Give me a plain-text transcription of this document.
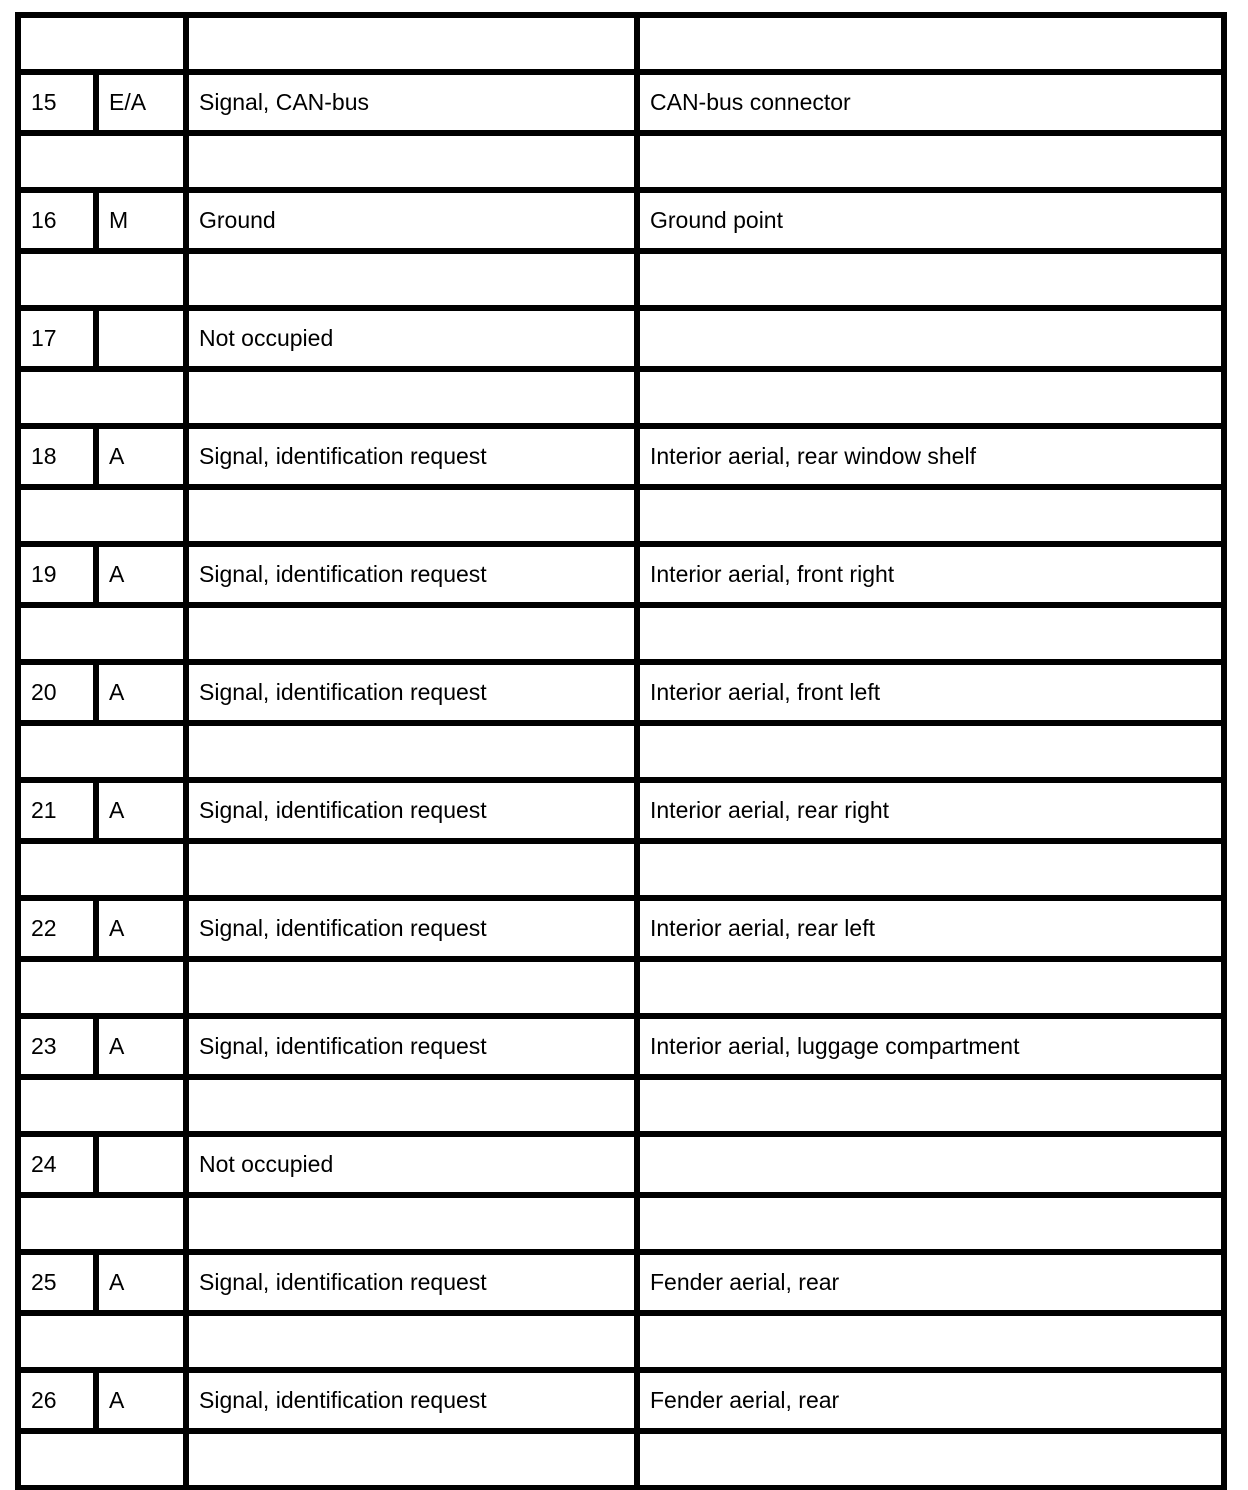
15	E/A	Signal, CAN-bus	CAN-bus connector

16	M	Ground	Ground point

17		Not occupied	

18	A	Signal, identification request	Interior aerial, rear window shelf

19	A	Signal, identification request	Interior aerial, front right

20	A	Signal, identification request	Interior aerial, front left

21	A	Signal, identification request	Interior aerial, rear right

22	A	Signal, identification request	Interior aerial, rear left

23	A	Signal, identification request	Interior aerial, luggage compartment

24		Not occupied	

25	A	Signal, identification request	Fender aerial, rear

26	A	Signal, identification request	Fender aerial, rear
